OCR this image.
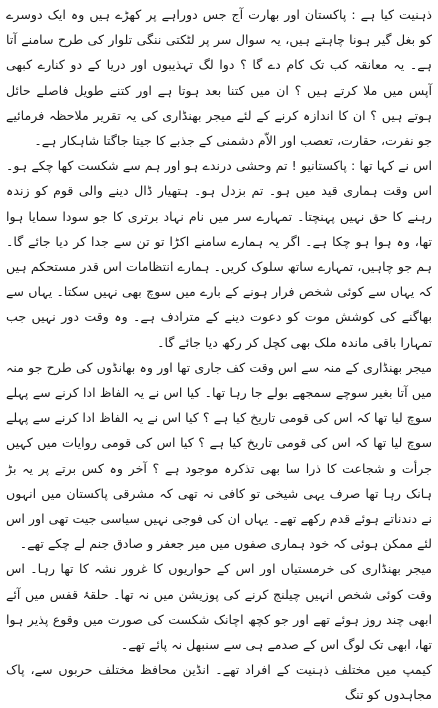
ذہنیت کیا ہے : پاکستان اور بھارت آج جس دوراہے پر کھڑے ہیں وہ ایک دوسرے کو بغل گیر ہونا چاہتے ہیں، یہ سوال سر پر لٹکتی ننگی تلوار کی طرح سامنے آتا ہے۔ یہ معانقہ کب تک کام دے گا ؟ دوا لگ تہذیبوں اور دریا کے دو کنارے کبھی آپس میں ملا کرتے ہیں ؟ ان میں کتنا بعد ہوتا ہے اور کتنے طویل فاصلے حائل ہوتے ہیں ؟ ان کا اندازہ کرنے کے لئے میجر بھنڈاری کی یہ تقریر ملاحظہ فرمائیے جو نفرت، حقارت، تعصب اور الاّم دشمنی کے جذبے کا جیتا جاگتا شاہکار ہے۔

اس نے کہا تھا : پاکستانیو ! تم وحشی درندے ہو اور ہم سے شکست کھا چکے ہو۔ اس وقت ہماری قید میں ہو۔ تم بزدل ہو۔ ہتھیار ڈال دینے والی قوم کو زندہ رہنے کا حق نہیں پہنچتا۔ تمہارے سر میں نام نہاد برتری کا جو سودا سمایا ہوا تھا، وہ ہوا ہو چکا ہے۔ اگر یہ ہمارے سامنے اکڑا تو تن سے جدا کر دیا جائے گا۔ ہم جو چاہیں، تمہارے ساتھ سلوک کریں۔ ہمارے انتظامات اس قدر مستحکم ہیں کہ یہاں سے کوئی شخص فرار ہونے کے بارے میں سوچ بھی نہیں سکتا۔ یہاں سے بھاگنے کی کوشش موت کو دعوت دینے کے مترادف ہے۔ وہ وقت دور نہیں جب تمہارا باقی ماندہ ملک بھی کچل کر رکھ دیا جائے گا۔

میجر بھنڈاری کے منہ سے اس وقت کف جاری تھا اور وہ بھانڈوں کی طرح جو منہ میں آتا بغیر سوچے سمجھے بولے جا رہا تھا۔ کیا اس نے یہ الفاظ ادا کرنے سے پہلے سوچ لیا تھا کہ اس کی قومی تاریخ کیا ہے ؟ کیا اس نے یہ الفاظ ادا کرنے سے پہلے سوچ لیا تھا کہ اس کی قومی تاریخ کیا ہے ؟ کیا اس کی قومی روایات میں کہیں جرأت و شجاعت کا ذرا سا بھی تذکرہ موجود ہے ؟ آخر وہ کس برتے پر یہ بڑ ہانک رہا تھا صرف یہی شیخی تو کافی نہ تھی کہ مشرقی پاکستان میں انہوں نے دندناتے ہوئے قدم رکھے تھے۔ یہاں ان کی فوجی نہیں سیاسی جیت تھی اور اس لئے ممکن ہوئی کہ خود ہماری صفوں میں میر جعفر و صادق جنم لے چکے تھے۔

میجر بھنڈاری کی خرمستیاں اور اس کے حواریوں کا غرور نشہ کا تھا رہا۔ اس وقت کوئی شخص انہیں چیلنج کرنے کی پوزیشن میں نہ تھا۔ حلقۂ قفس میں آئے ابھی چند روز ہوئے تھے اور جو کچھ اچانک شکست کی صورت میں وقوع پذیر ہوا تھا، ابھی تک لوگ اس کے صدمے ہی سے سنبھل نہ پائے تھے۔

کیمپ میں مختلف ذہنیت کے افراد تھے۔ انڈین محافظ مختلف حربوں سے، پاک مجاہدوں کو تنگ
